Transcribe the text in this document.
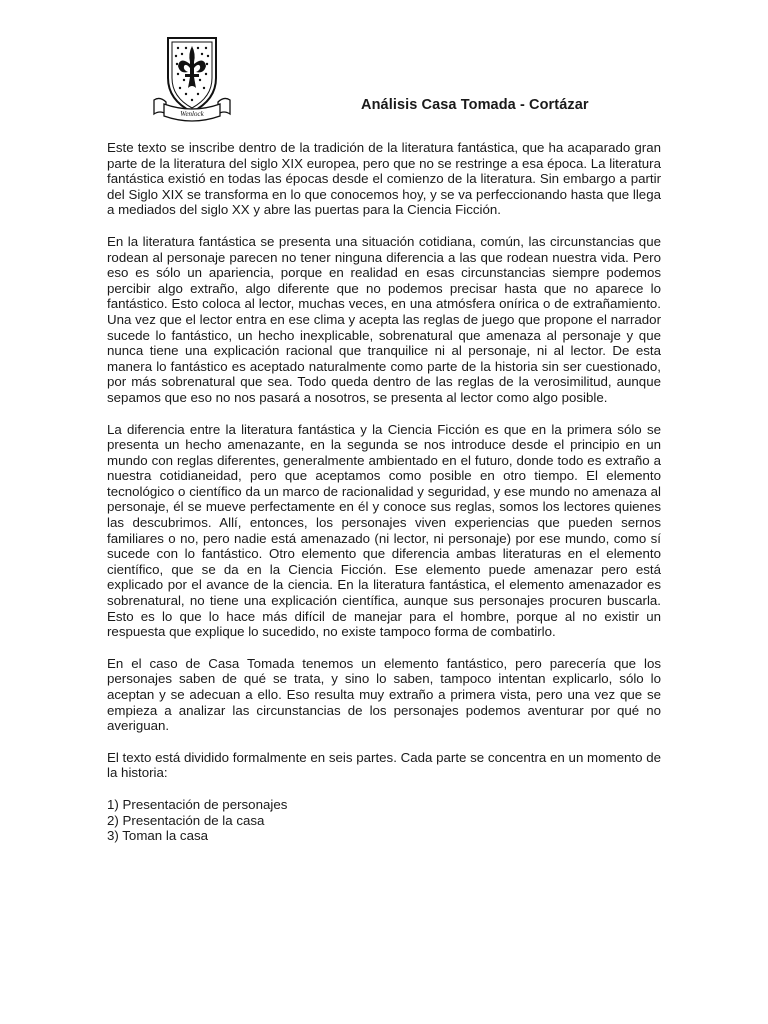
Wenlock
Análisis Casa Tomada - Cortázar

Este texto se inscribe dentro de la tradición de la literatura fantástica, que ha acaparado gran parte de la literatura del siglo XIX europea, pero que no se restringe a esa época. La literatura fantástica existió en todas las épocas desde el comienzo de la literatura. Sin embargo a partir del Siglo XIX se transforma en lo que conocemos hoy, y se va perfeccionando hasta que llega a mediados del siglo XX y abre las puertas para la Ciencia Ficción.

En la literatura fantástica se presenta una situación cotidiana, común, las circunstancias que rodean al personaje parecen no tener ninguna diferencia a las que rodean nuestra vida. Pero eso es sólo un apariencia, porque en realidad en esas circunstancias siempre podemos percibir algo extraño, algo diferente que no podemos precisar hasta que no aparece lo fantástico. Esto coloca al lector, muchas veces, en una atmósfera onírica o de extrañamiento. Una vez que el lector entra en ese clima y acepta las reglas de juego que propone el narrador sucede lo fantástico, un hecho inexplicable, sobrenatural que amenaza al personaje y que nunca tiene una explicación racional que tranquilice ni al personaje, ni al lector. De esta manera lo fantástico es aceptado naturalmente como parte de la historia sin ser cuestionado, por más sobrenatural que sea. Todo queda dentro de las reglas de la verosimilitud, aunque sepamos que eso no nos pasará a nosotros, se presenta al lector como algo posible.

La diferencia entre la literatura fantástica y la Ciencia Ficción es que en la primera sólo se presenta un hecho amenazante, en la segunda se nos introduce desde el principio en un mundo con reglas diferentes, generalmente ambientado en el futuro, donde todo es extraño a nuestra cotidianeidad, pero que aceptamos como posible en otro tiempo. El elemento tecnológico o científico da un marco de racionalidad y seguridad, y ese mundo no amenaza al personaje, él se mueve perfectamente en él y conoce sus reglas, somos los lectores quienes las descubrimos. Allí, entonces, los personajes viven experiencias que pueden sernos familiares o no, pero nadie está amenazado (ni lector, ni personaje) por ese mundo, como sí sucede con lo fantástico. Otro elemento que diferencia ambas literaturas en el elemento científico, que se da en la Ciencia Ficción. Ese elemento puede amenazar pero está explicado por el avance de la ciencia. En la literatura fantástica, el elemento amenazador es sobrenatural, no tiene una explicación científica, aunque sus personajes procuren buscarla. Esto es lo que lo hace más difícil de manejar para el hombre, porque al no existir un respuesta que explique lo sucedido, no existe tampoco forma de combatirlo.

En el caso de Casa Tomada tenemos un elemento fantástico, pero parecería que los personajes saben de qué se trata, y sino lo saben, tampoco intentan explicarlo, sólo lo aceptan y se adecuan a ello. Eso resulta muy extraño a primera vista, pero una vez que se empieza a analizar las circunstancias de los personajes podemos aventurar por qué no averiguan.

El texto está dividido formalmente en seis partes. Cada parte se concentra en un momento de la historia:

1) Presentación de personajes
2) Presentación de la casa
3) Toman la casa
